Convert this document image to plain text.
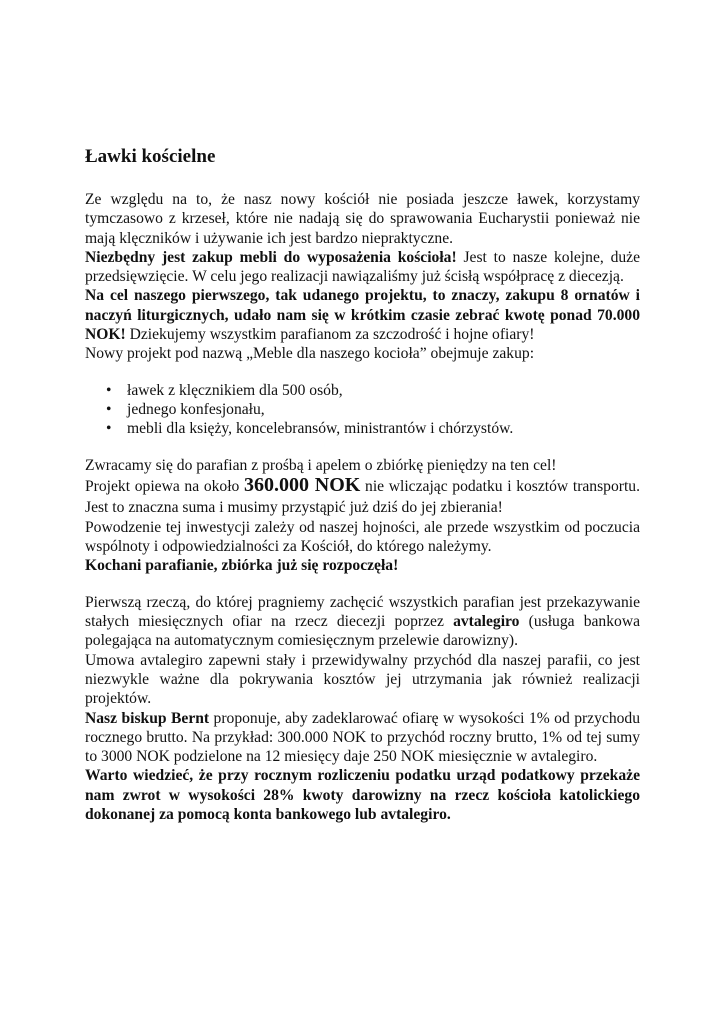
Ławki kościelne

Ze względu na to, że nasz nowy kościół nie posiada jeszcze ławek, korzystamy tymczasowo z krzeseł, które nie nadają się do sprawowania Eucharystii ponieważ nie mają klęczników i używanie ich jest bardzo niepraktyczne.

Niezbędny jest zakup mebli do wyposażenia kościoła! Jest to nasze kolejne, duże przedsięwzięcie. W celu jego realizacji nawiązaliśmy już ścisłą współpracę z diecezją.

Na cel naszego pierwszego, tak udanego projektu, to znaczy, zakupu 8 ornatów i naczyń liturgicznych, udało nam się w krótkim czasie zebrać kwotę ponad 70.000 NOK! Dziekujemy wszystkim parafianom za szczodrość i hojne ofiary!

Nowy projekt pod nazwą „Meble dla naszego kocioła” obejmuje zakup:

• ławek z klęcznikiem dla 500 osób,
• jednego konfesjonału,
• mebli dla księży, koncelebransów, ministrantów i chórzystów.

Zwracamy się do parafian z prośbą i apelem o zbiórkę pieniędzy na ten cel!

Projekt opiewa na około 360.000 NOK nie wliczając podatku i kosztów transportu. Jest to znaczna suma i musimy przystąpić już dziś do jej zbierania!

Powodzenie tej inwestycji zależy od naszej hojności, ale przede wszystkim od poczucia wspólnoty i odpowiedzialności za Kościół, do którego należymy.

Kochani parafianie, zbiórka już się rozpoczęła!

Pierwszą rzeczą, do której pragniemy zachęcić wszystkich parafian jest przekazywanie stałych miesięcznych ofiar na rzecz diecezji poprzez avtalegiro (usługa bankowa polegająca na automatycznym comiesięcznym przelewie darowizny).

Umowa avtalegiro zapewni stały i przewidywalny przychód dla naszej parafii, co jest niezwykle ważne dla pokrywania kosztów jej utrzymania jak również realizacji projektów.

Nasz biskup Bernt proponuje, aby zadeklarować ofiarę w wysokości 1% od przychodu rocznego brutto. Na przykład: 300.000 NOK to przychód roczny brutto, 1% od tej sumy to 3000 NOK podzielone na 12 miesięcy daje 250 NOK miesięcznie w avtalegiro.

Warto wiedzieć, że przy rocznym rozliczeniu podatku urząd podatkowy przekaże nam zwrot w wysokości 28% kwoty darowizny na rzecz kościoła katolickiego dokonanej za pomocą konta bankowego lub avtalegiro.
